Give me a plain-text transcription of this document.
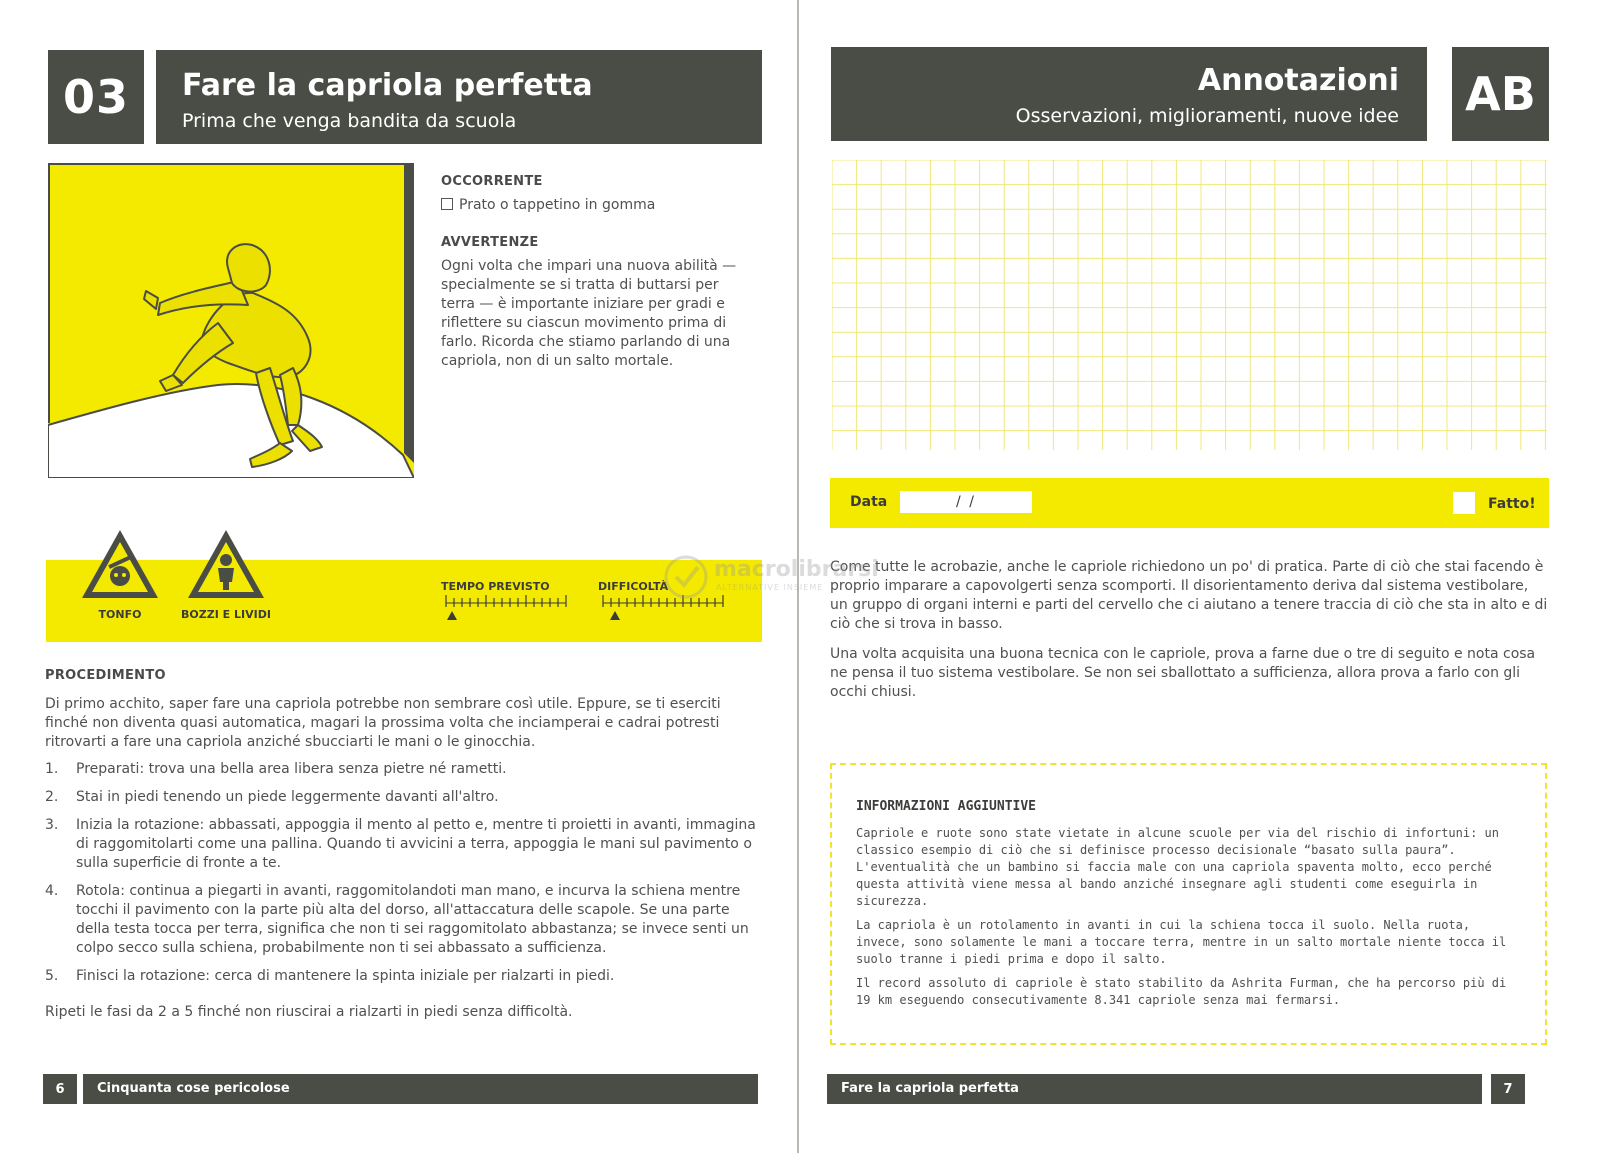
03	Fare la capriola perfetta
Prima che venga bandita da scuola
OCCORRENTE
Prato o tappetino in gomma
AVVERTENZE
Ogni volta che impari una nuova abilità — specialmente se si tratta di buttarsi per terra — è importante iniziare per gradi e riflettere su ciascun movimento prima di farlo. Ricorda che stiamo parlando di una capriola, non di un salto mortale.
TONFO	BOZZI E LIVIDI
TEMPO PREVISTO	DIFFICOLTÀ
PROCEDIMENTO
Di primo acchito, saper fare una capriola potrebbe non sembrare così utile. Eppure, se ti eserciti finché non diventa quasi automatica, magari la prossima volta che inciamperai e cadrai potresti ritrovarti a fare una capriola anziché sbucciarti le mani o le ginocchia.
1. Preparati: trova una bella area libera senza pietre né rametti.
2. Stai in piedi tenendo un piede leggermente davanti all'altro.
3. Inizia la rotazione: abbassati, appoggia il mento al petto e, mentre ti proietti in avanti, immagina di raggomitolarti come una pallina. Quando ti avvicini a terra, appoggia le mani sul pavimento o sulla superficie di fronte a te.
4. Rotola: continua a piegarti in avanti, raggomitolandoti man mano, e incurva la schiena mentre tocchi il pavimento con la parte più alta del dorso, all'attaccatura delle scapole. Se una parte della testa tocca per terra, significa che non ti sei raggomitolato abbastanza; se invece senti un colpo secco sulla schiena, probabilmente non ti sei abbassato a sufficienza.
5. Finisci la rotazione: cerca di mantenere la spinta iniziale per rialzarti in piedi.
Ripeti le fasi da 2 a 5 finché non riuscirai a rialzarti in piedi senza difficoltà.
6	Cinquanta cose pericolose
Annotazioni
Osservazioni, miglioramenti, nuove idee AB
Data	/ /	Fatto!
Come tutte le acrobazie, anche le capriole richiedono un po' di pratica. Parte di ciò che stai facendo è proprio imparare a capovolgerti senza scomporti. Il disorientamento deriva dal sistema vestibolare, un gruppo di organi interni e parti del cervello che ci aiutano a tenere traccia di ciò che sta in alto e di ciò che si trova in basso.
Una volta acquisita una buona tecnica con le capriole, prova a farne due o tre di seguito e nota cosa ne pensa il tuo sistema vestibolare. Se non sei sballottato a sufficienza, allora prova a farlo con gli occhi chiusi.
INFORMAZIONI AGGIUNTIVE
Capriole e ruote sono state vietate in alcune scuole per via del rischio di infortuni: un classico esempio di ciò che si definisce processo decisionale “basato sulla paura”. L'eventualità che un bambino si faccia male con una capriola spaventa molto, ecco perché questa attività viene messa al bando anziché insegnare agli studenti come eseguirla in sicurezza.
La capriola è un rotolamento in avanti in cui la schiena tocca il suolo. Nella ruota, invece, sono solamente le mani a toccare terra, mentre in un salto mortale niente tocca il suolo tranne i piedi prima e dopo il salto.
Il record assoluto di capriole è stato stabilito da Ashrita Furman, che ha percorso più di 19 km eseguendo consecutivamente 8.341 capriole senza mai fermarsi.
Fare la capriola perfetta	7
macrolibrarsi
ALTERNATIVE INSIEME
